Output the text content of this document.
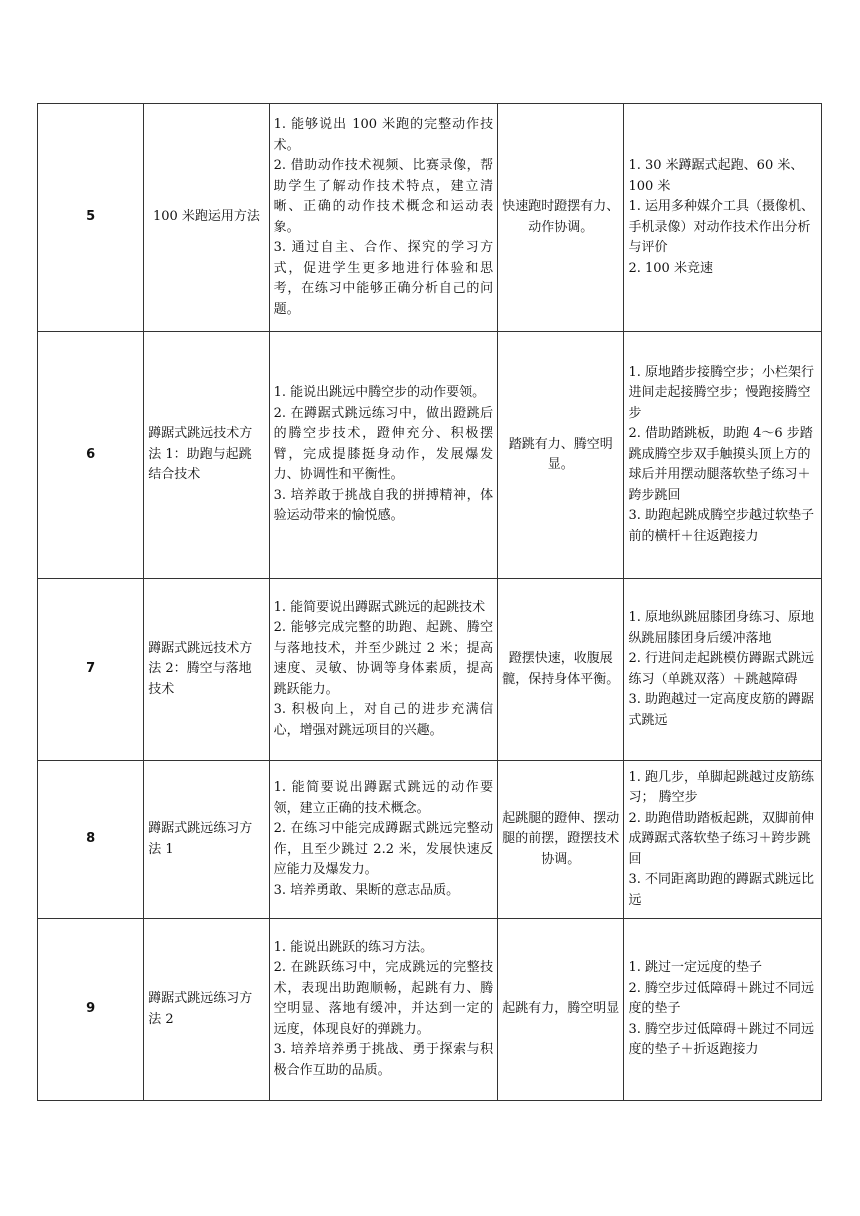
5	100 米跑运用方法	1. 能够说出 100 米跑的完整动作技术。
2. 借助动作技术视频、比赛录像，帮助学生了解动作技术特点，建立清晰、正确的动作技术概念和运动表象。
3. 通过自主、合作、探究的学习方式，促进学生更多地进行体验和思考，在练习中能够正确分析自己的问题。	快速跑时蹬摆有力、动作协调。	1. 30 米蹲踞式起跑、60 米、100 米
1. 运用多种媒介工具（摄像机、手机录像）对动作技术作出分析与评价
2. 100 米竞速

6	蹲踞式跳远技术方法 1：助跑与起跳结合技术	1. 能说出跳远中腾空步的动作要领。
2. 在蹲踞式跳远练习中，做出蹬跳后的腾空步技术，蹬伸充分、积极摆臂，完成提膝挺身动作，发展爆发力、协调性和平衡性。
3. 培养敢于挑战自我的拼搏精神，体验运动带来的愉悦感。	踏跳有力、腾空明显。	1. 原地踏步接腾空步；小栏架行进间走起接腾空步；慢跑接腾空步
2. 借助踏跳板，助跑 4～6 步踏跳成腾空步双手触摸头顶上方的球后并用摆动腿落软垫子练习＋跨步跳回
3. 助跑起跳成腾空步越过软垫子前的横杆＋往返跑接力

7	蹲踞式跳远技术方法 2：腾空与落地技术	1. 能简要说出蹲踞式跳远的起跳技术
2. 能够完成完整的助跑、起跳、腾空与落地技术，并至少跳过 2 米；提高速度、灵敏、协调等身体素质，提高跳跃能力。
3. 积极向上，对自己的进步充满信心，增强对跳远项目的兴趣。	蹬摆快速，收腹展髋，保持身体平衡。	1. 原地纵跳屈膝团身练习、原地纵跳屈膝团身后缓冲落地
2. 行进间走起跳模仿蹲踞式跳远练习（单跳双落）＋跳越障碍
3. 助跑越过一定高度皮筋的蹲踞式跳远

8	蹲踞式跳远练习方法 1	1. 能简要说出蹲踞式跳远的动作要领，建立正确的技术概念。
2. 在练习中能完成蹲踞式跳远完整动作，且至少跳过 2.2 米，发展快速反应能力及爆发力。
3. 培养勇敢、果断的意志品质。	起跳腿的蹬伸、摆动腿的前摆，蹬摆技术协调。	1. 跑几步，单脚起跳越过皮筋练习； 腾空步
2. 助跑借助踏板起跳，双脚前伸成蹲踞式落软垫子练习＋跨步跳回
3. 不同距离助跑的蹲踞式跳远比远

9	蹲踞式跳远练习方法 2	1. 能说出跳跃的练习方法。
2. 在跳跃练习中，完成跳远的完整技术，表现出助跑顺畅，起跳有力、腾空明显、落地有缓冲，并达到一定的远度，体现良好的弹跳力。
3. 培养培养勇于挑战、勇于探索与积极合作互助的品质。	起跳有力，腾空明显	1. 跳过一定远度的垫子
2. 腾空步过低障碍＋跳过不同远度的垫子
3. 腾空步过低障碍＋跳过不同远度的垫子＋折返跑接力
